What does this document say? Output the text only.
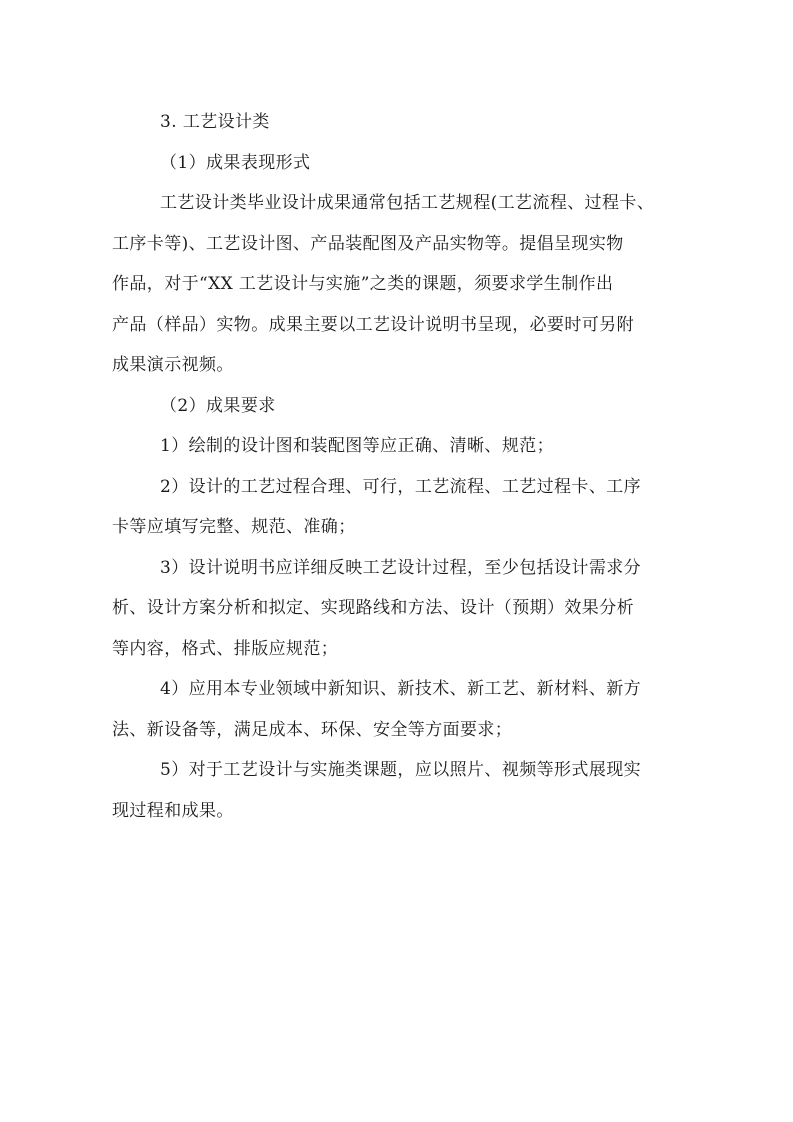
3. 工艺设计类

（1）成果表现形式

工艺设计类毕业设计成果通常包括工艺规程(工艺流程、过程卡、

工序卡等)、工艺设计图、产品装配图及产品实物等。提倡呈现实物

作品，对于“XX 工艺设计与实施”之类的课题，须要求学生制作出

产品（样品）实物。成果主要以工艺设计说明书呈现，必要时可另附

成果演示视频。

（2）成果要求

1）绘制的设计图和装配图等应正确、清晰、规范；

2）设计的工艺过程合理、可行，工艺流程、工艺过程卡、工序

卡等应填写完整、规范、准确；

3）设计说明书应详细反映工艺设计过程，至少包括设计需求分

析、设计方案分析和拟定、实现路线和方法、设计（预期）效果分析

等内容，格式、排版应规范；

4）应用本专业领域中新知识、新技术、新工艺、新材料、新方

法、新设备等，满足成本、环保、安全等方面要求；

5）对于工艺设计与实施类课题，应以照片、视频等形式展现实

现过程和成果。
